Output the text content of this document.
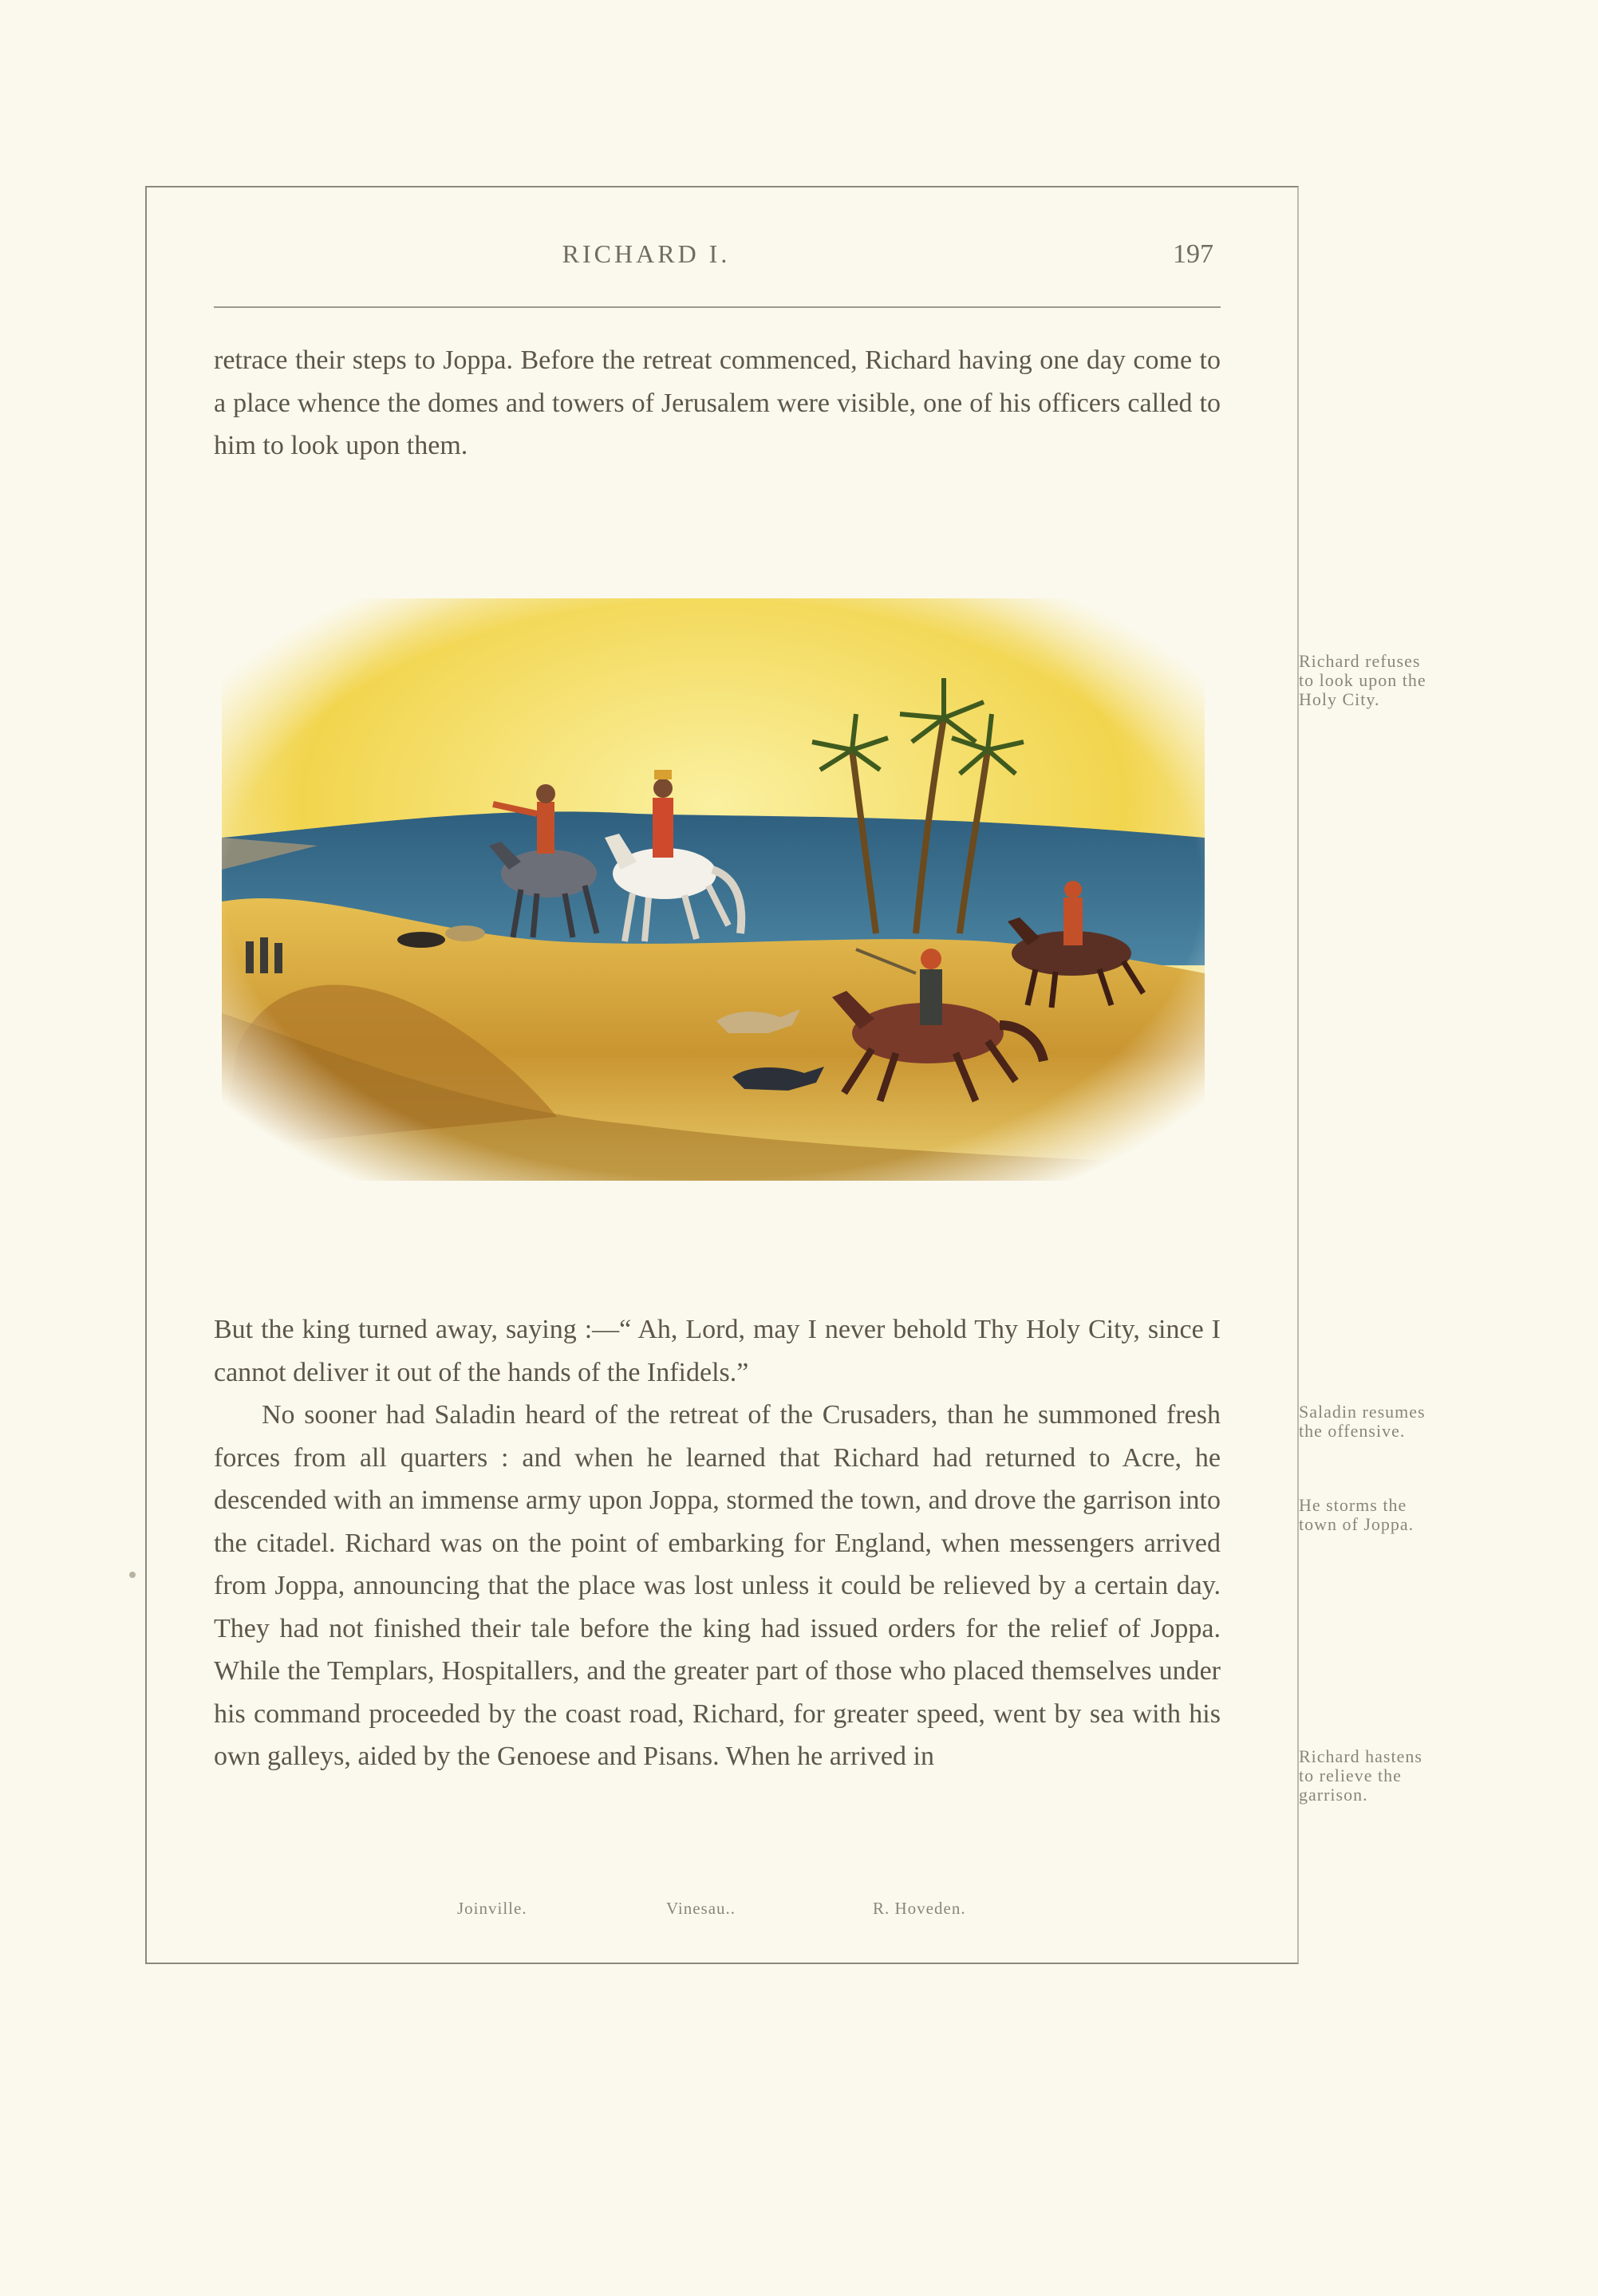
RICHARD I.	197

retrace their steps to Joppa. Before the retreat commenced, Richard having one day come to a place whence the domes and towers of Jerusalem were visible, one of his officers called to him to look upon them.

But the king turned away, saying :—“ Ah, Lord, may I never behold Thy Holy City, since I cannot deliver it out of the hands of the Infidels.”

No sooner had Saladin heard of the retreat of the Crusaders, than he summoned fresh forces from all quarters : and when he learned that Richard had returned to Acre, he descended with an immense army upon Joppa, stormed the town, and drove the garrison into the citadel. Richard was on the point of embarking for England, when messengers arrived from Joppa, announcing that the place was lost unless it could be relieved by a certain day. They had not finished their tale before the king had issued orders for the relief of Joppa. While the Templars, Hospitallers, and the greater part of those who placed themselves under his command proceeded by the coast road, Richard, for greater speed, went by sea with his own galleys, aided by the Genoese and Pisans. When he arrived in

Richard refuses to look upon the Holy City.
Saladin resumes the offensive.
He storms the town of Joppa.
Richard hastens to relieve the garrison.
Joinville.	Vinesau..	R. Hoveden.
